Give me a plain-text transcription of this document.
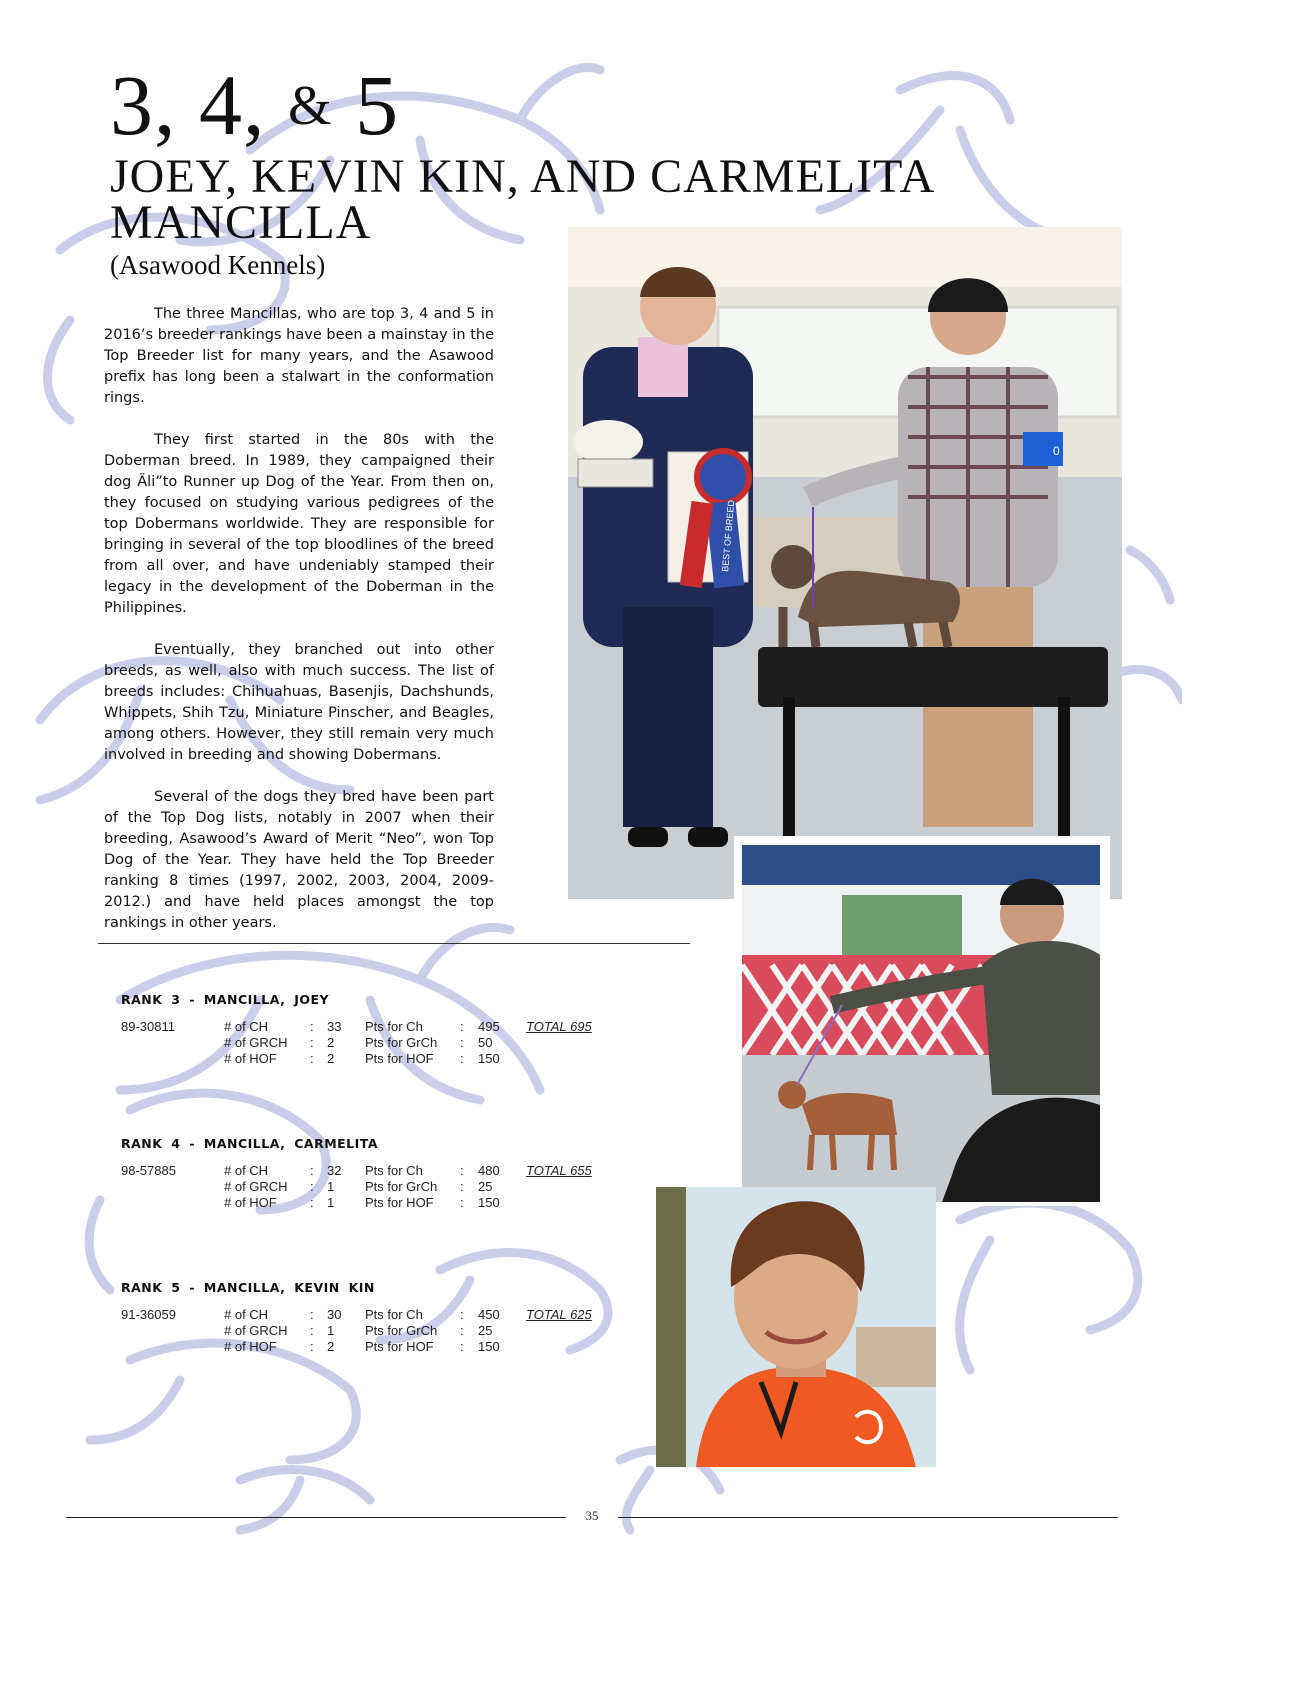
3, 4, & 5
JOEY, KEVIN KIN, AND CARMELITA MANCILLA
(Asawood Kennels)

The three Mancillas, who are top 3, 4 and 5 in 2016’s breeder rankings have been a mainstay in the Top Breeder list for many years, and the Asawood prefix has long been a stalwart in the conformation rings.

They first started in the 80s with the Doberman breed. In 1989, they campaigned their dog Äli”to Runner up Dog of the Year. From then on, they focused on studying various pedigrees of the top Dobermans worldwide. They are responsible for bringing in several of the top bloodlines of the breed from all over, and have undeniably stamped their legacy in the development of the Doberman in the Philippines.

Eventually, they branched out into other breeds, as well, also with much success. The list of breeds includes: Chihuahuas, Basenjis, Dachshunds, Whippets, Shih Tzu, Miniature Pinscher, and Beagles, among others. However, they still remain very much involved in breeding and showing Dobermans.

Several of the dogs they bred have been part of the Top Dog lists, notably in 2007 when their breeding, Asawood’s Award of Merit “Neo”, won Top Dog of the Year. They have held the Top Breeder ranking 8 times (1997, 2002, 2003, 2004, 2009-2012.) and have held places amongst the top rankings in other years.

RANK 3 - MANCILLA, JOEY
89-30811	# of CH	: 33 Pts for Ch	: 495
# of GRCH : 2 Pts for GrCh : 50
# of HOF	: 2 Pts for HOF : 150
TOTAL 695
RANK 4 - MANCILLA, CARMELITA
98-57885	# of CH	: 32 Pts for Ch	: 480
# of GRCH : 1 Pts for GrCh : 25
# of HOF	: 1 Pts for HOF : 150
TOTAL 655
RANK 5 - MANCILLA, KEVIN KIN
91-36059	# of CH	: 30 Pts for Ch	: 450
# of GRCH : 1 Pts for GrCh : 25
# of HOF	: 2 Pts for HOF : 150
TOTAL 625
BEST OF BREED
0
35
